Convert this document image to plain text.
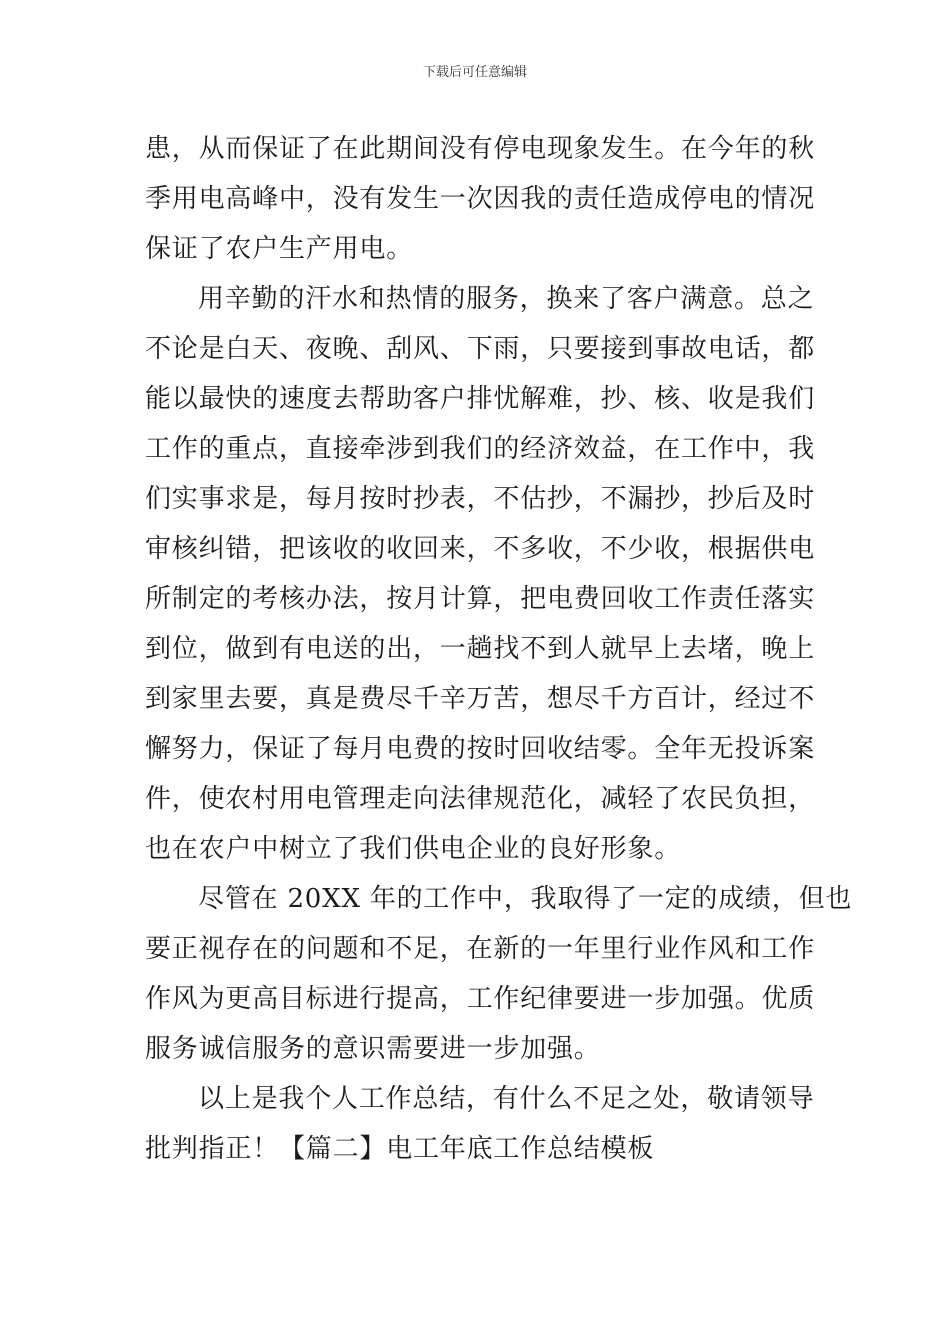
下载后可任意编辑

患，从而保证了在此期间没有停电现象发生。在今年的秋
季用电高峰中，没有发生一次因我的责任造成停电的情况
保证了农户生产用电。

用辛勤的汗水和热情的服务，换来了客户满意。总之
不论是白天、夜晚、刮风、下雨，只要接到事故电话，都
能以最快的速度去帮助客户排忧解难，抄、核、收是我们
工作的重点，直接牵涉到我们的经济效益，在工作中，我
们实事求是，每月按时抄表，不估抄，不漏抄，抄后及时
审核纠错，把该收的收回来，不多收，不少收，根据供电
所制定的考核办法，按月计算，把电费回收工作责任落实
到位，做到有电送的出，一趟找不到人就早上去堵，晚上
到家里去要，真是费尽千辛万苦，想尽千方百计，经过不
懈努力，保证了每月电费的按时回收结零。全年无投诉案
件，使农村用电管理走向法律规范化，减轻了农民负担，
也在农户中树立了我们供电企业的良好形象。

尽管在 20XX 年的工作中，我取得了一定的成绩，但也
要正视存在的问题和不足，在新的一年里行业作风和工作
作风为更高目标进行提高，工作纪律要进一步加强。优质
服务诚信服务的意识需要进一步加强。

以上是我个人工作总结，有什么不足之处，敬请领导
批判指正！【篇二】电工年底工作总结模板
